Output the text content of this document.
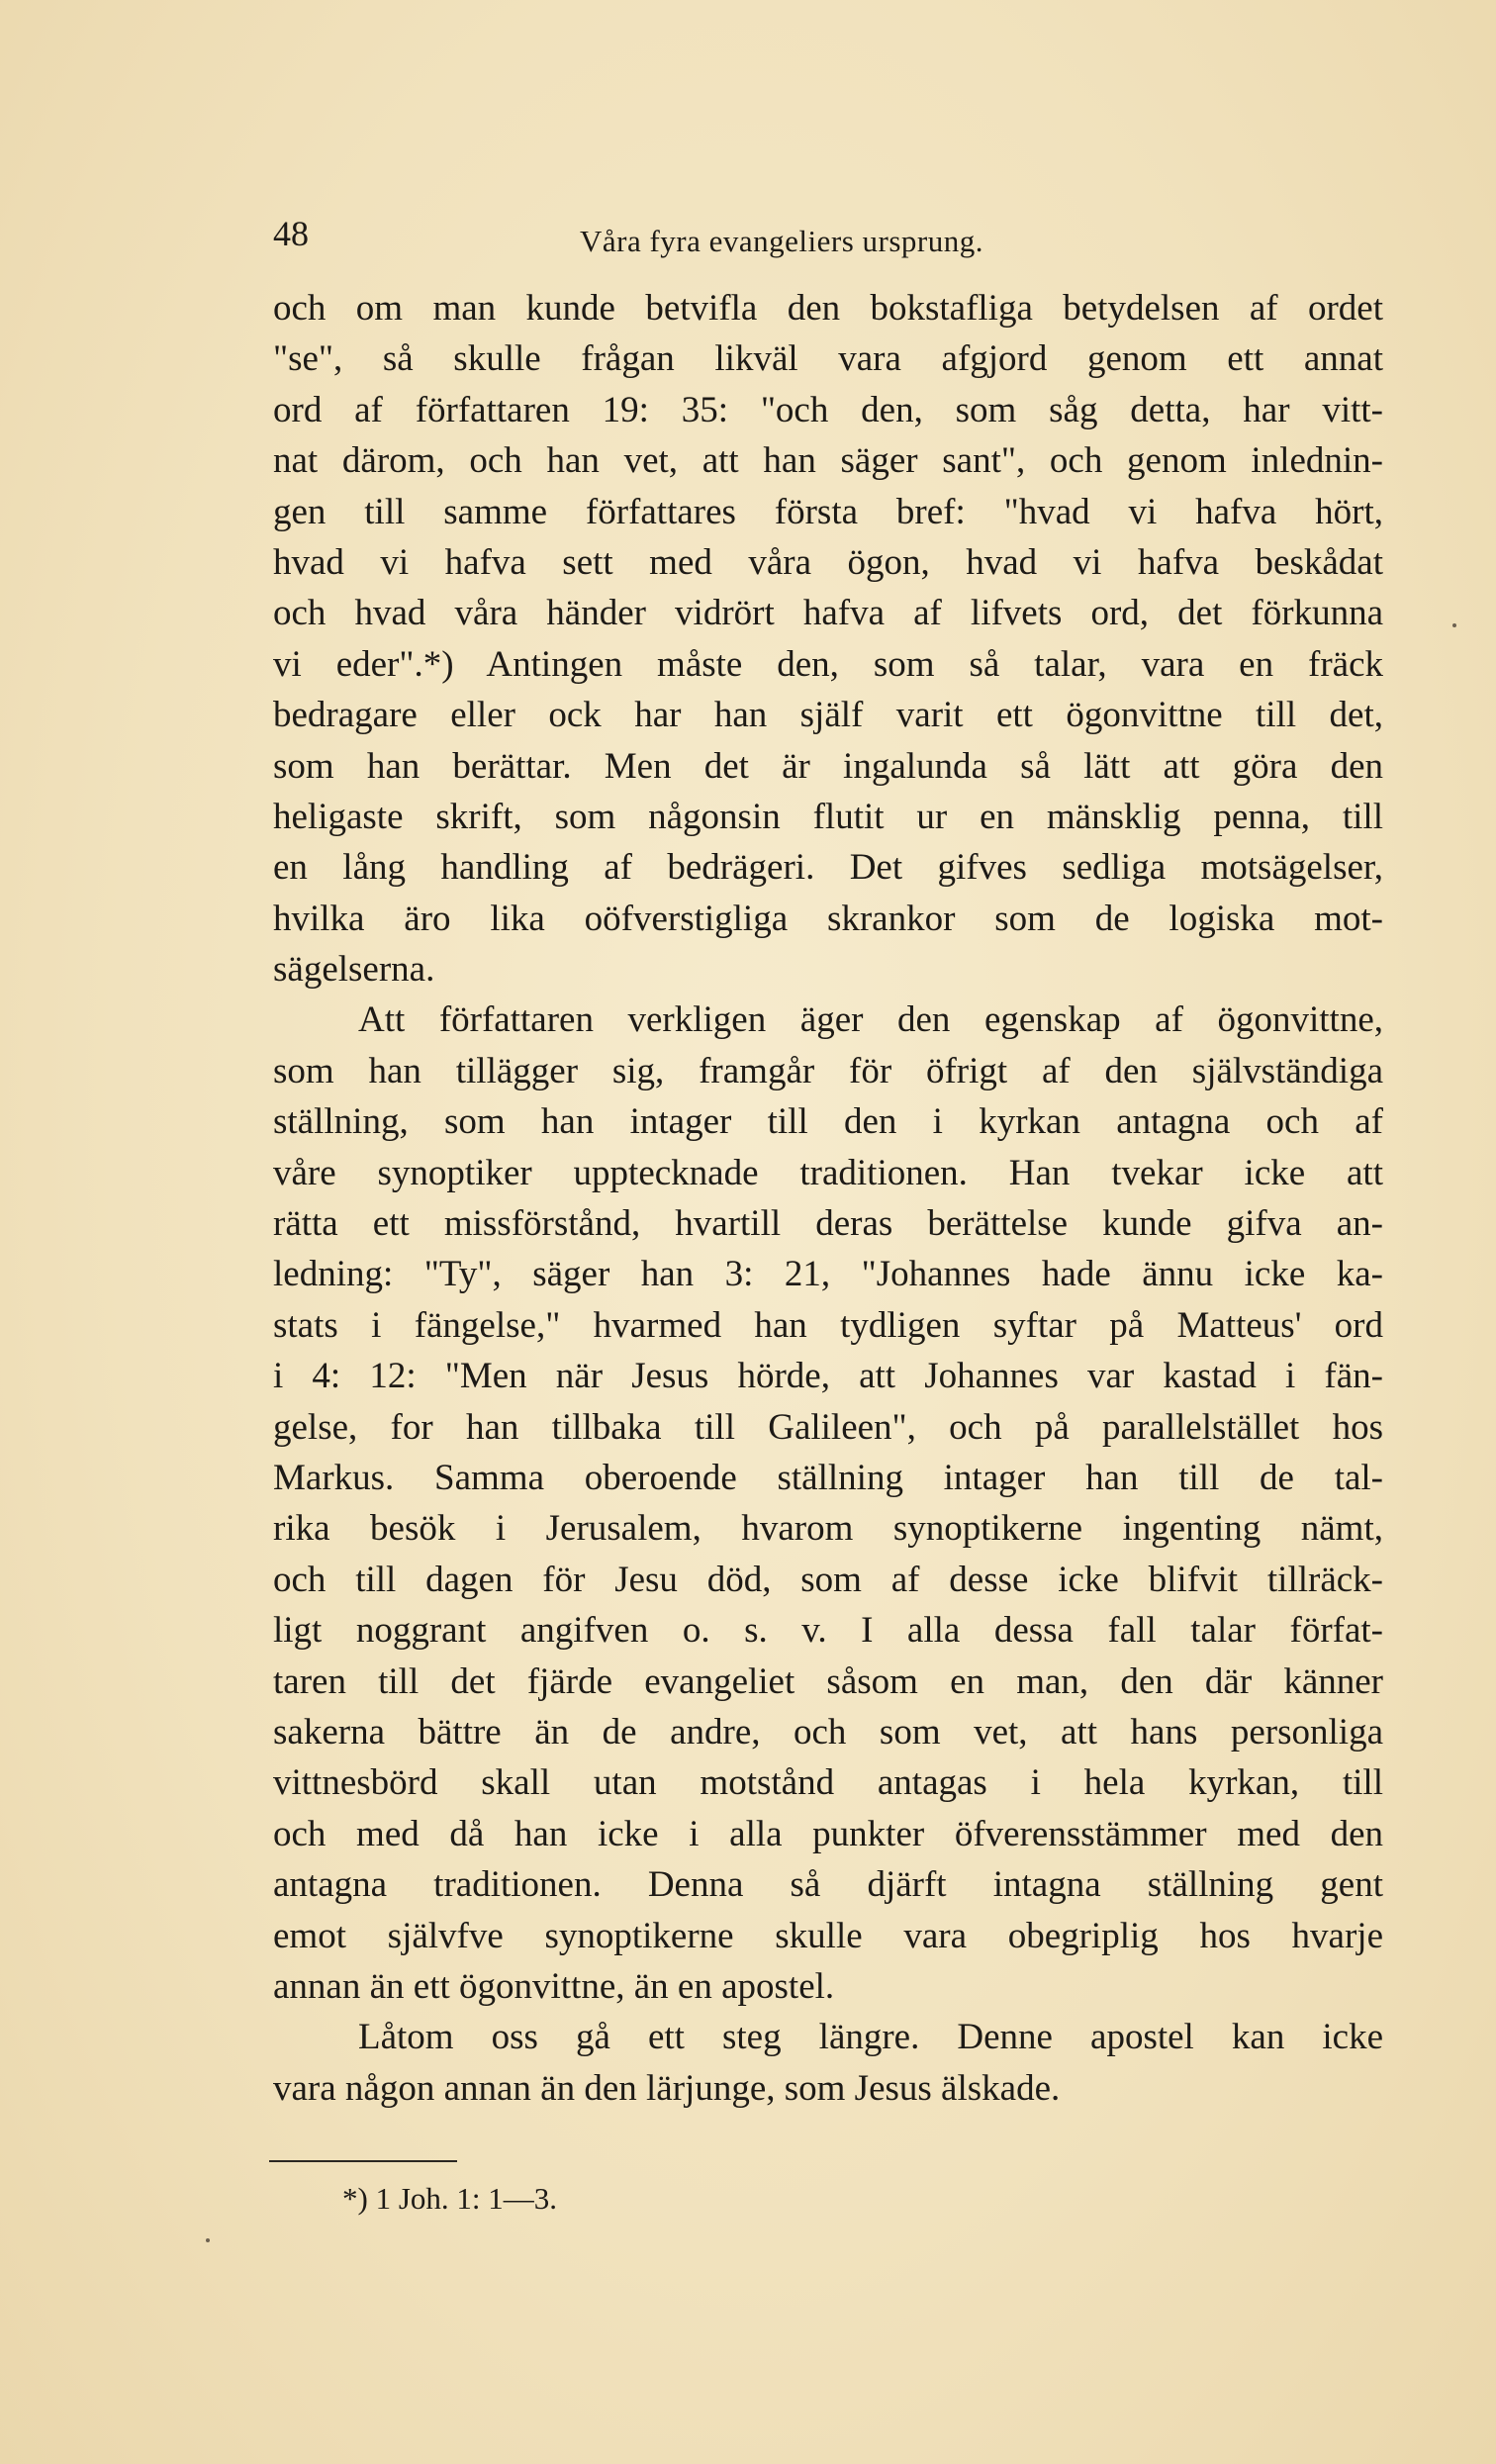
48	Våra fyra evangeliers ursprung.
och om man kunde betvifla den bokstafliga betydelsen af ordet
"se", så skulle frågan likväl vara afgjord genom ett annat
ord af författaren 19: 35: "och den, som såg detta, har vitt-
nat därom, och han vet, att han säger sant", och genom inlednin-
gen till samme författares första bref: "hvad vi hafva hört,
hvad vi hafva sett med våra ögon, hvad vi hafva beskådat
och hvad våra händer vidrört hafva af lifvets ord, det förkunna
vi eder".*) Antingen måste den, som så talar, vara en fräck
bedragare eller ock har han själf varit ett ögonvittne till det,
som han berättar. Men det är ingalunda så lätt att göra den
heligaste skrift, som någonsin flutit ur en mänsklig penna, till
en lång handling af bedrägeri. Det gifves sedliga motsägelser,
hvilka äro lika oöfverstigliga skrankor som de logiska mot-
sägelserna.
Att författaren verkligen äger den egenskap af ögonvittne,
som han tillägger sig, framgår för öfrigt af den självständiga
ställning, som han intager till den i kyrkan antagna och af
våre synoptiker upptecknade traditionen. Han tvekar icke att
rätta ett missförstånd, hvartill deras berättelse kunde gifva an-
ledning: "Ty", säger han 3: 21, "Johannes hade ännu icke ka-
stats i fängelse," hvarmed han tydligen syftar på Matteus' ord
i 4: 12: "Men när Jesus hörde, att Johannes var kastad i fän-
gelse, for han tillbaka till Galileen", och på parallelstället hos
Markus. Samma oberoende ställning intager han till de tal-
rika besök i Jerusalem, hvarom synoptikerne ingenting nämt,
och till dagen för Jesu död, som af desse icke blifvit tillräck-
ligt noggrant angifven o. s. v. I alla dessa fall talar förfat-
taren till det fjärde evangeliet såsom en man, den där känner
sakerna bättre än de andre, och som vet, att hans personliga
vittnesbörd skall utan motstånd antagas i hela kyrkan, till
och med då han icke i alla punkter öfverensstämmer med den
antagna traditionen. Denna så djärft intagna ställning gent
emot självfve synoptikerne skulle vara obegriplig hos hvarje
annan än ett ögonvittne, än en apostel.
Låtom oss gå ett steg längre. Denne apostel kan icke
vara någon annan än den lärjunge, som Jesus älskade.
*) 1 Joh. 1: 1—3.
